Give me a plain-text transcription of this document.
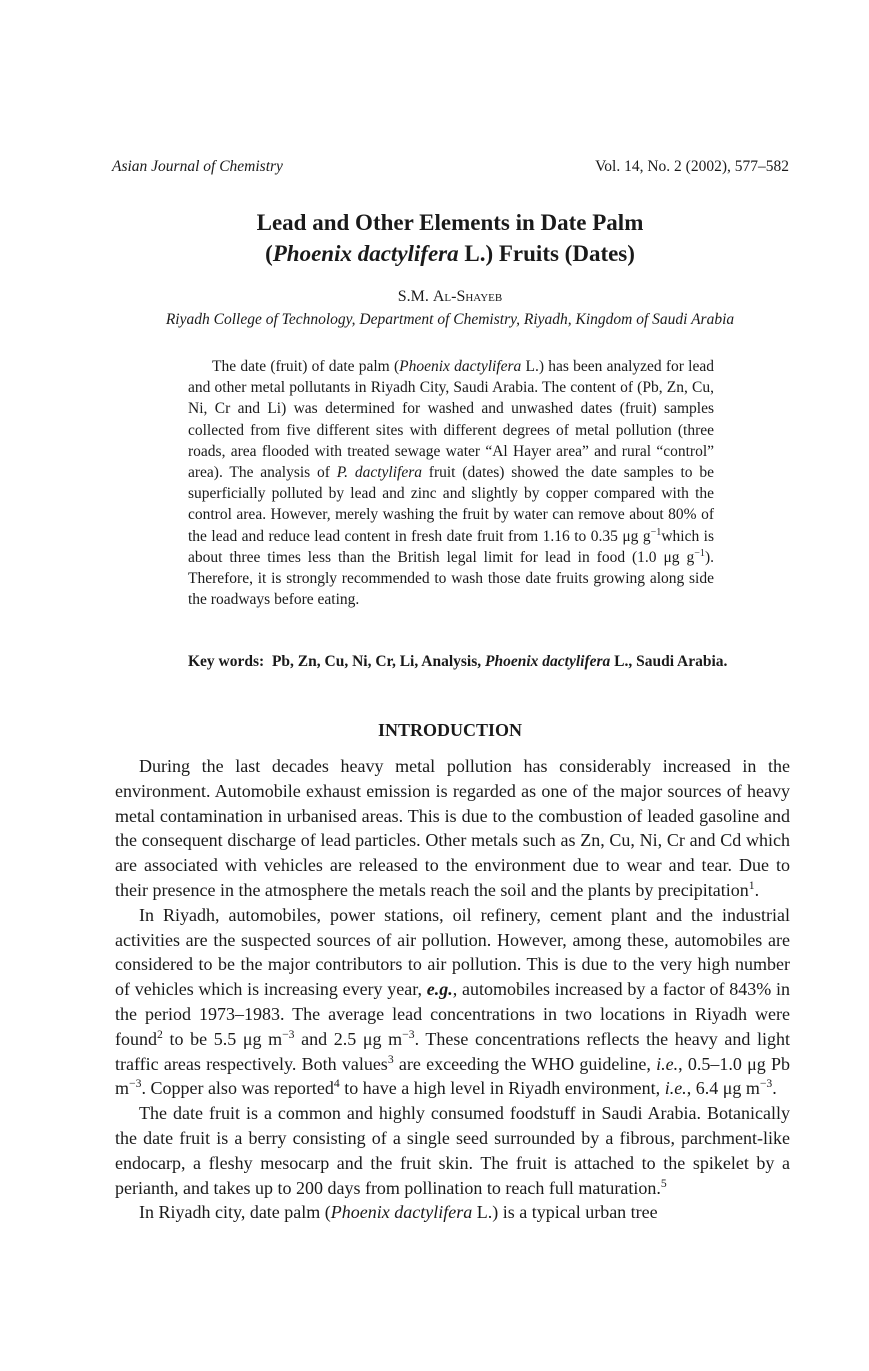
Asian Journal of Chemistry	Vol. 14, No. 2 (2002), 577–582
Lead and Other Elements in Date Palm
(Phoenix dactylifera L.) Fruits (Dates)
S.M. Al-Shayeb
Riyadh College of Technology, Department of Chemistry, Riyadh, Kingdom of Saudi Arabia
The date (fruit) of date palm (Phoenix dactylifera L.) has been analyzed for lead and other metal pollutants in Riyadh City, Saudi Arabia. The content of (Pb, Zn, Cu, Ni, Cr and Li) was determined for washed and unwashed dates (fruit) samples collected from five different sites with different degrees of metal pollution (three roads, area flooded with treated sewage water “Al Hayer area” and rural “control” area). The analysis of P. dactylifera fruit (dates) showed the date samples to be superficially polluted by lead and zinc and slightly by copper compared with the control area. However, merely washing the fruit by water can remove about 80% of the lead and reduce lead content in fresh date fruit from 1.16 to 0.35 μg $g^{-1}which$ is about three times less than the British legal limit for lead in food (1.0 μg $g^{-1}$). Therefore, it is strongly recommended to wash those date fruits growing along side the roadways before eating.
Key words: Pb, Zn, Cu, Ni, Cr, Li, Analysis, Phoenix dactylifera L., Saudi Arabia.
INTRODUCTION

During the last decades heavy metal pollution has considerably increased in the environment. Automobile exhaust emission is regarded as one of the major sources of heavy metal contamination in urbanised areas. This is due to the combustion of leaded gasoline and the consequent discharge of lead particles. Other metals such as Zn, Cu, Ni, Cr and Cd which are associated with vehicles are released to the environment due to wear and tear. Due to their presence in the atmosphere the metals reach the soil and the plants by precipitation$^1$.

In Riyadh, automobiles, power stations, oil refinery, cement plant and the industrial activities are the suspected sources of air pollution. However, among these, automobiles are considered to be the major contributors to air pollution. This is due to the very high number of vehicles which is increasing every year, e.g., automobiles increased by a factor of 843% in the period 1973–1983. The average lead concentrations in two locations in Riyadh were found$^2$ to be 5.5 μg $m^{-3}$ and 2.5 μg $m^{-3}$. These concentrations reflects the heavy and light traffic areas respectively. Both values$^3$ are exceeding the WHO guideline, i.e., 0.5–1.0 μg Pb $m^{-3}$. Copper also was reported$^4$ to have a high level in Riyadh environment, i.e., 6.4 μg $m^{-3}$.

The date fruit is a common and highly consumed foodstuff in Saudi Arabia. Botanically the date fruit is a berry consisting of a single seed surrounded by a fibrous, parchment-like endocarp, a fleshy mesocarp and the fruit skin. The fruit is attached to the spikelet by a perianth, and takes up to 200 days from pollination to reach full maturation.$^5$

In Riyadh city, date palm (Phoenix dactylifera L.) is a typical urban tree
